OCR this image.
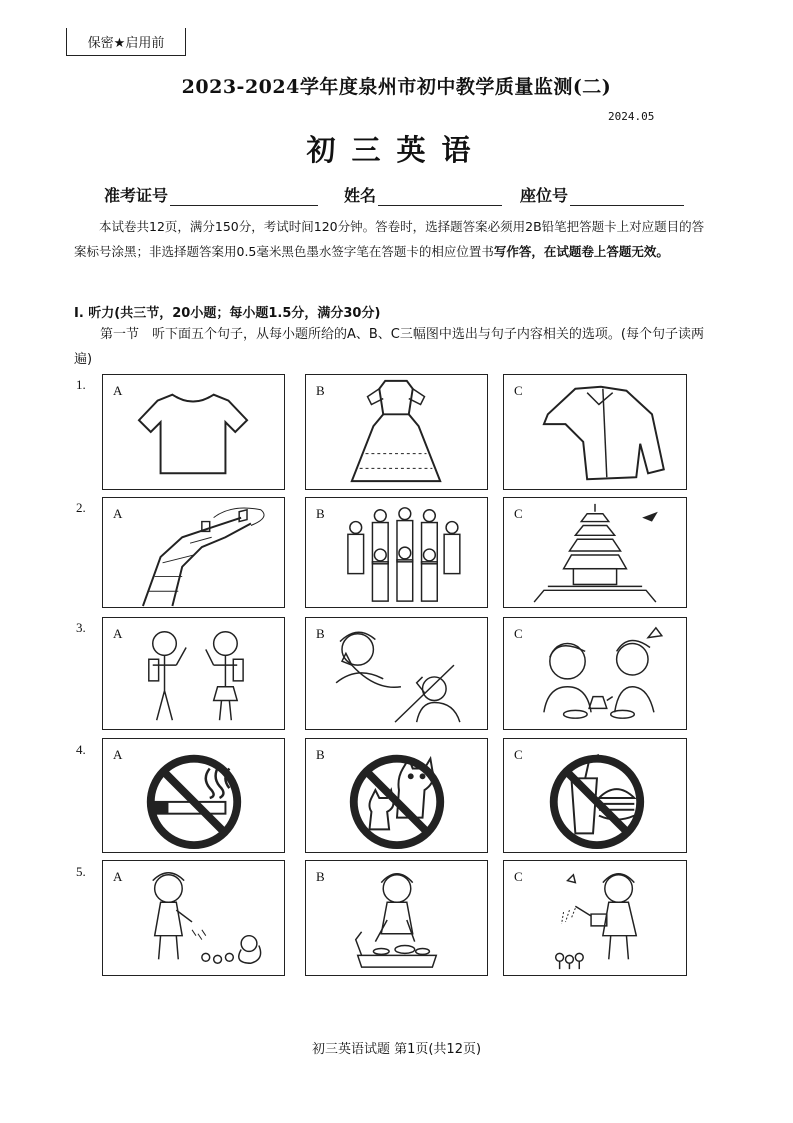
保密★启用前
2023-2024学年度泉州市初中教学质量监测(二)
2024.05
初三英语
准考证号	姓名	座位号
本试卷共12页，满分150分，考试时间120分钟。答卷时，选择题答案必须用2B铅笔把答题卡上对应题目的答案标号涂黑；非选择题答案用0.5毫米黑色墨水签字笔在答题卡的相应位置书写作答，在试题卷上答题无效。
I. 听力(共三节，20小题；每小题1.5分，满分30分)
第一节　听下面五个句子，从每小题所给的A、B、C三幅图中选出与句子内容相关的选项。(每个句子读两遍)
1.
2.
3.
4.
5.
A	B	C
A	B	C
A	B	C
A	B	C
A	B	C
初三英语试题 第1页(共12页)
